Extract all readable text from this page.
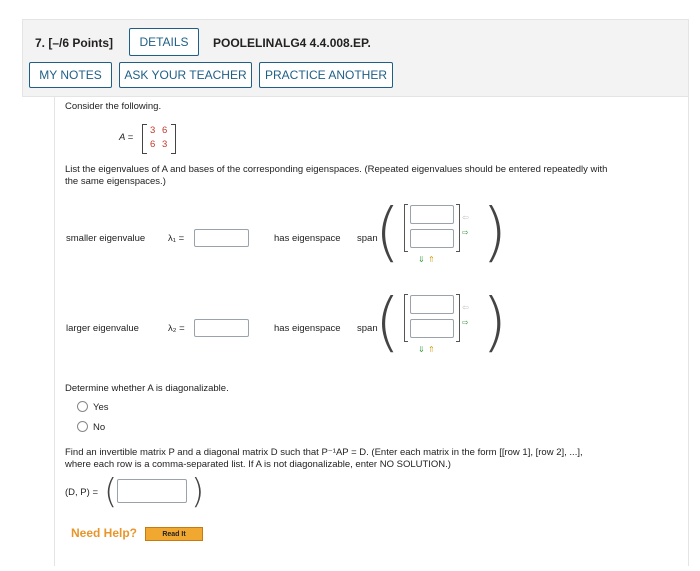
7. [–/6 Points]	DETAILS	POOLELINALG4 4.4.008.EP.
MY NOTES	ASK YOUR TEACHER	PRACTICE ANOTHER
Consider the following.
A =
3 6
6 3
List the eigenvalues of A and bases of the corresponding eigenspaces. (Repeated eigenvalues should be entered repeatedly with
the same eigenspaces.)
smaller eigenvalue λ₁ =	has eigenspace span
(	⇦
⇨
⇓ ⇑ )
larger eigenvalue	λ₂ =	has eigenspace span
(	⇦
⇨
⇓ ⇑ )
Determine whether A is diagonalizable.
Yes
No
Find an invertible matrix P and a diagonal matrix D such that P⁻¹AP = D. (Enter each matrix in the form [[row 1], [row 2], ...],
where each row is a comma-separated list. If A is not diagonalizable, enter NO SOLUTION.)
(D, P) = ( )
Need Help?	Read It
